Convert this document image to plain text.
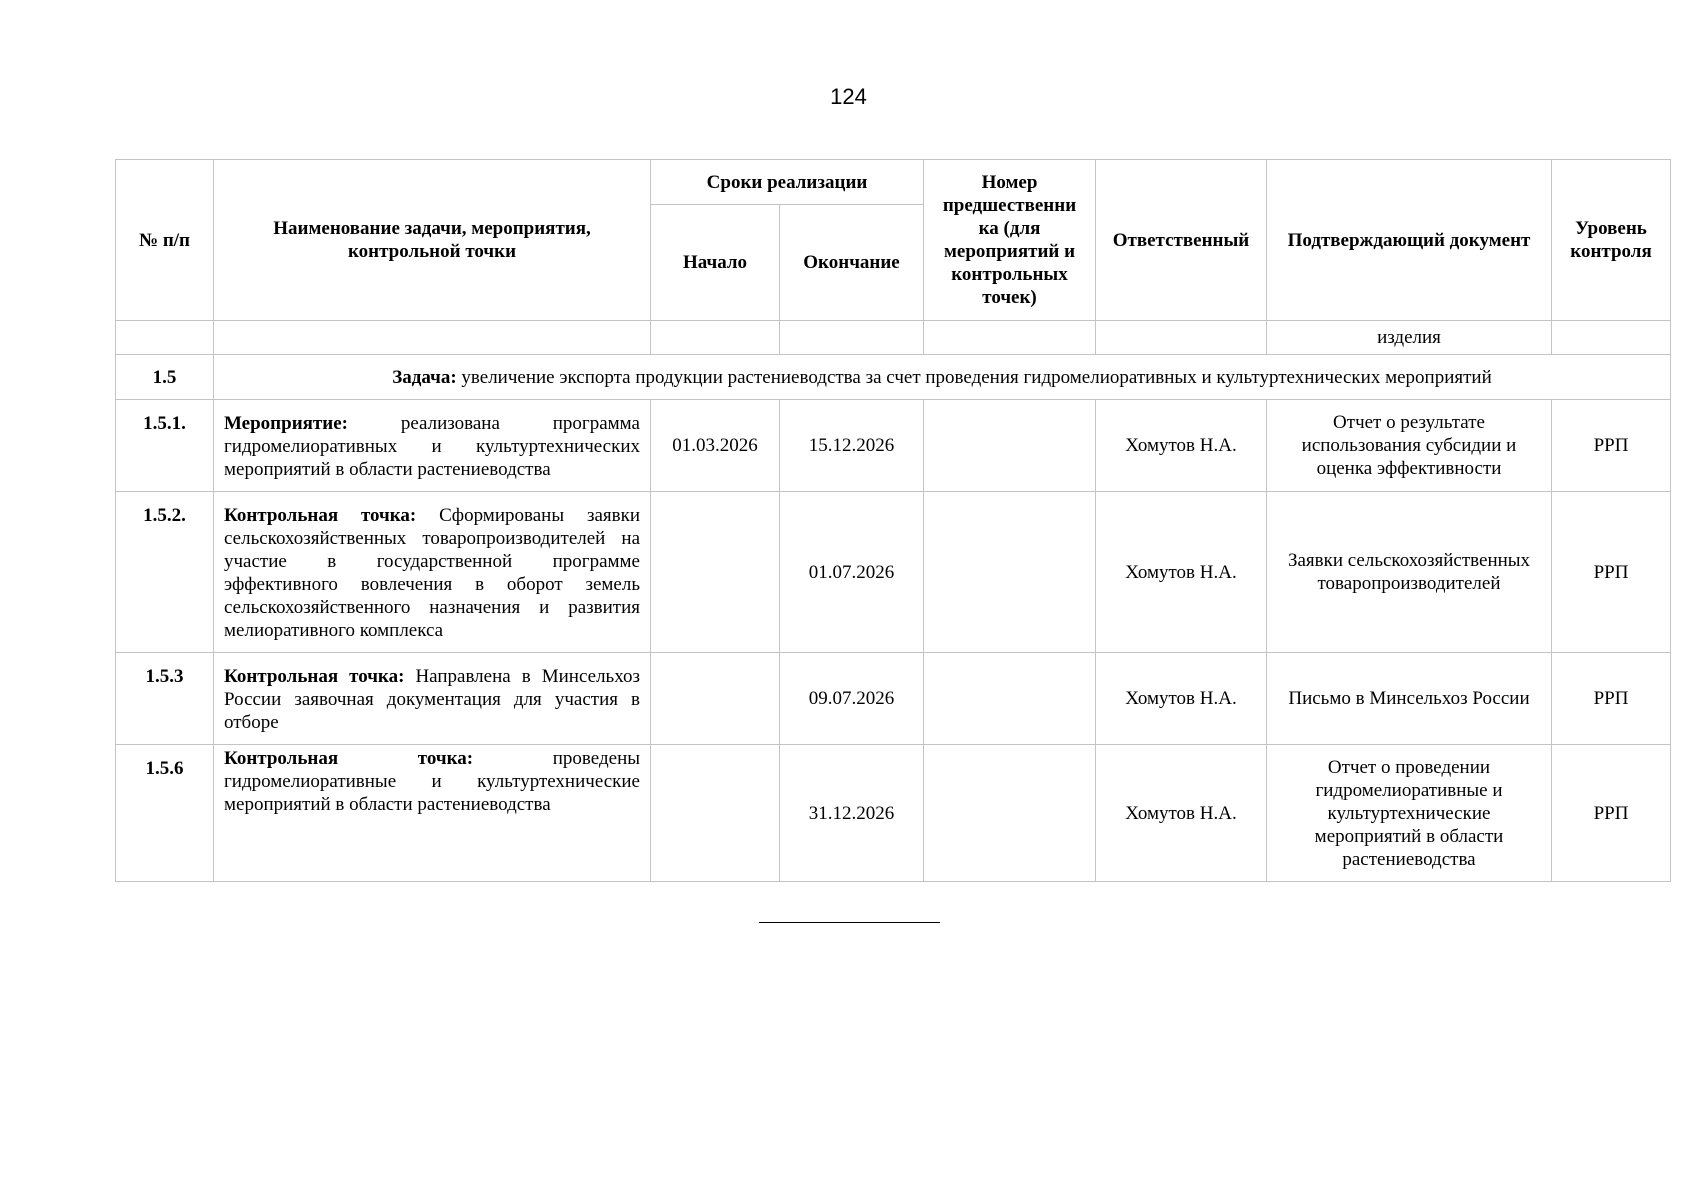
124
№ п/п	Наименование задачи, мероприятия, контрольной точки	Сроки реализации		Номер предшественни ка (для мероприятий и контрольных точек)	Ответственный	Подтверждающий документ	Уровень контроля
		Начало	Окончание				
						изделия	
1.5	Задача: увеличение экспорта продукции растениеводства за счет проведения гидромелиоративных и культуртехнических мероприятий						
1.5.1.	Мероприятие: реализована программа гидромелиоративных и культуртехнических мероприятий в области растениеводства	01.03.2026	15.12.2026		Хомутов Н.А.	Отчет о результате использования субсидии и оценка эффективности	РРП
1.5.2.	Контрольная точка: Сформированы заявки сельскохозяйственных товаропроизводителей на участие в государственной программе эффективного вовлечения в оборот земель сельскохозяйственного назначения и развития мелиоративного комплекса		01.07.2026		Хомутов Н.А.	Заявки сельскохозяйственных товаропроизводителей	РРП
1.5.3	Контрольная точка: Направлена в Минсельхоз России заявочная документация для участия в отборе		09.07.2026		Хомутов Н.А.	Письмо в Минсельхоз России	РРП
1.5.6	Контрольная точка: проведены гидромелиоративные и культуртехнические мероприятий в области растениеводства		31.12.2026		Хомутов Н.А.	Отчет о проведении гидромелиоративные и культуртехнические мероприятий в области растениеводства	РРП
